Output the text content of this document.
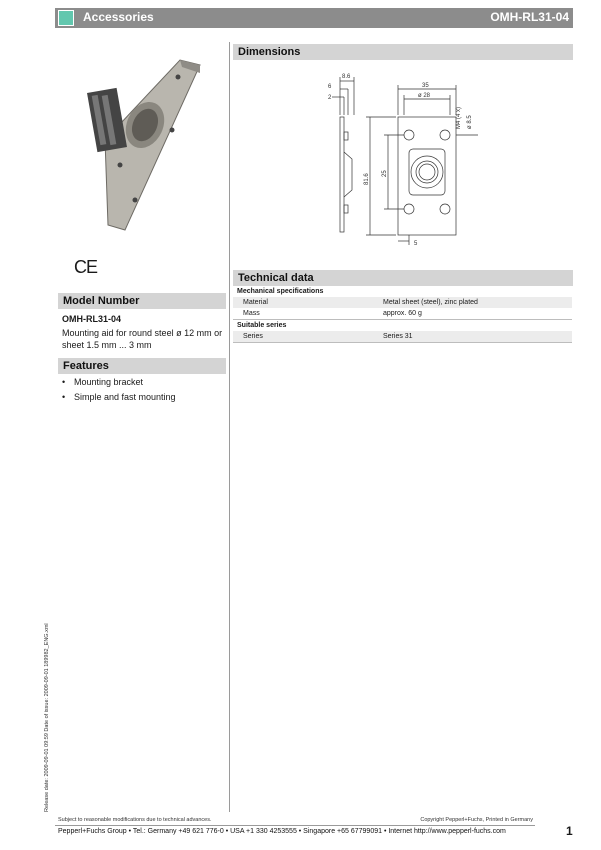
Accessories	OMH-RL31-04
CE
Model Number
OMH-RL31-04
Mounting aid for round steel ø 12 mm or sheet 1.5 mm ... 3 mm
Features
• Mounting bracket
• Simple and fast mounting
Dimensions
8.6
6
2
35
ø 28
M4 (4 x) ø 8.5
25
81.6
5
Technical data
Mechanical specifications	
Material	Metal sheet (steel), zinc plated
Mass	approx. 60 g
Suitable series	
Series	Series 31
Release date: 2009-09-01 09:59 Date of issue: 2009-09-01 189982_ENG.xml
Subject to reasonable modifications due to technical advances.	Copyright Pepperl+Fuchs, Printed in Germany
Pepperl+Fuchs Group • Tel.: Germany +49 621 776-0 • USA +1 330 4253555 • Singapore +65 67799091 • Internet http://www.pepperl-fuchs.com	1
